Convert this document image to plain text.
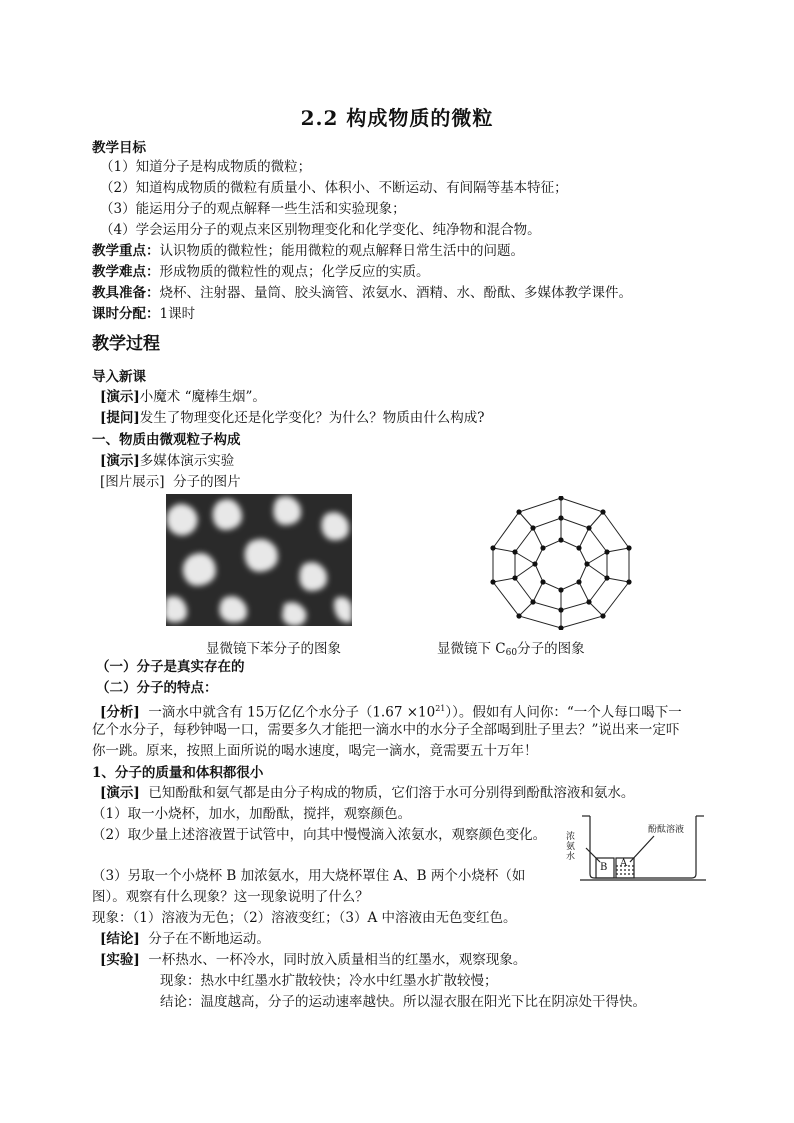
2.2 构成物质的微粒
教学目标
（1）知道分子是构成物质的微粒；
（2）知道构成物质的微粒有质量小、体积小、不断运动、有间隔等基本特征；
（3）能运用分子的观点解释一些生活和实验现象；
（4）学会运用分子的观点来区别物理变化和化学变化、纯净物和混合物。
教学重点：认识物质的微粒性；能用微粒的观点解释日常生活中的问题。
教学难点：形成物质的微粒性的观点；化学反应的实质。
教具准备：烧杯、注射器、量筒、胶头滴管、浓氨水、酒精、水、酚酞、多媒体教学课件。
课时分配：1课时
教学过程
导入新课
[演示]小魔术 “魔棒生烟”。
[提问]发生了物理变化还是化学变化？为什么？物质由什么构成?
一、物质由微观粒子构成
[演示]多媒体演示实验
[图片展示] 分子的图片
显微镜下苯分子的图象	显微镜下 $C_{60}$分子的图象
（一）分子是真实存在的
（二）分子的特点：
[分析] 一滴水中就含有 15万亿亿个水分子$(1.67 \times 10^{21})$）。假如有人问你：“一个人每口喝下一
亿个水分子，每秒钟喝一口，需要多久才能把一滴水中的水分子全部喝到肚子里去？”说出来一定吓
你一跳。原来，按照上面所说的喝水速度，喝完一滴水，竟需要五十万年！
1、分子的质量和体积都很小
[演示] 已知酚酞和氨气都是由分子构成的物质，它们溶于水可分别得到酚酞溶液和氨水。
（1）取一小烧杯，加水，加酚酞，搅拌，观察颜色。
（2）取少量上述溶液置于试管中，向其中慢慢滴入浓氨水，观察颜色变化。
（3）另取一个小烧杯 B 加浓氨水，用大烧杯罩住 A、B 两个小烧杯（如图）。观察有什么现象？这一现象说明了什么？
浓氨水
酚酞溶液
B A
现象：（1）溶液为无色；（2）溶液变红；（3）A 中溶液由无色变红色。
[结论] 分子在不断地运动。
[实验] 一杯热水、一杯冷水，同时放入质量相当的红墨水，观察现象。
现象：热水中红墨水扩散较快；冷水中红墨水扩散较慢；
结论：温度越高，分子的运动速率越快。所以湿衣服在阳光下比在阴凉处干得快。
